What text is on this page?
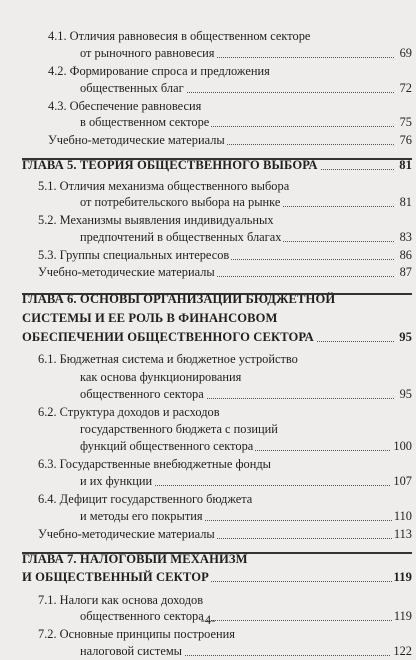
4.1. Отличия равновесия в общественном секторе
от рыночного равновесия	69
4.2. Формирование спроса и предложения
общественных благ	72
4.3. Обеспечение равновесия
в общественном секторе	75
Учебно-методические материалы	76
ГЛАВА 5. ТЕОРИЯ ОБЩЕСТВЕННОГО ВЫБОРА	81
5.1. Отличия механизма общественного выбора
от потребительского выбора на рынке	81
5.2. Механизмы выявления индивидуальных
предпочтений в общественных благах	83
5.3. Группы специальных интересов	86
Учебно-методические материалы	87
ГЛАВА 6. ОСНОВЫ ОРГАНИЗАЦИИ БЮДЖЕТНОЙ
СИСТЕМЫ И ЕЕ РОЛЬ В ФИНАНСОВОМ
ОБЕСПЕЧЕНИИ ОБЩЕСТВЕННОГО СЕКТОРА	95
6.1. Бюджетная система и бюджетное устройство
как основа функционирования
общественного сектора	95
6.2. Структура доходов и расходов
государственного бюджета с позиций
функций общественного сектора	100
6.3. Государственные внебюджетные фонды
и их функции	107
6.4. Дефицит государственного бюджета
и методы его покрытия	110
Учебно-методические материалы	113
ГЛАВА 7. НАЛОГОВЫЙ МЕХАНИЗМ
И ОБЩЕСТВЕННЫЙ СЕКТОР	119
7.1. Налоги как основа доходов
общественного сектора	119
7.2. Основные принципы построения
налоговой системы	122
-4-
